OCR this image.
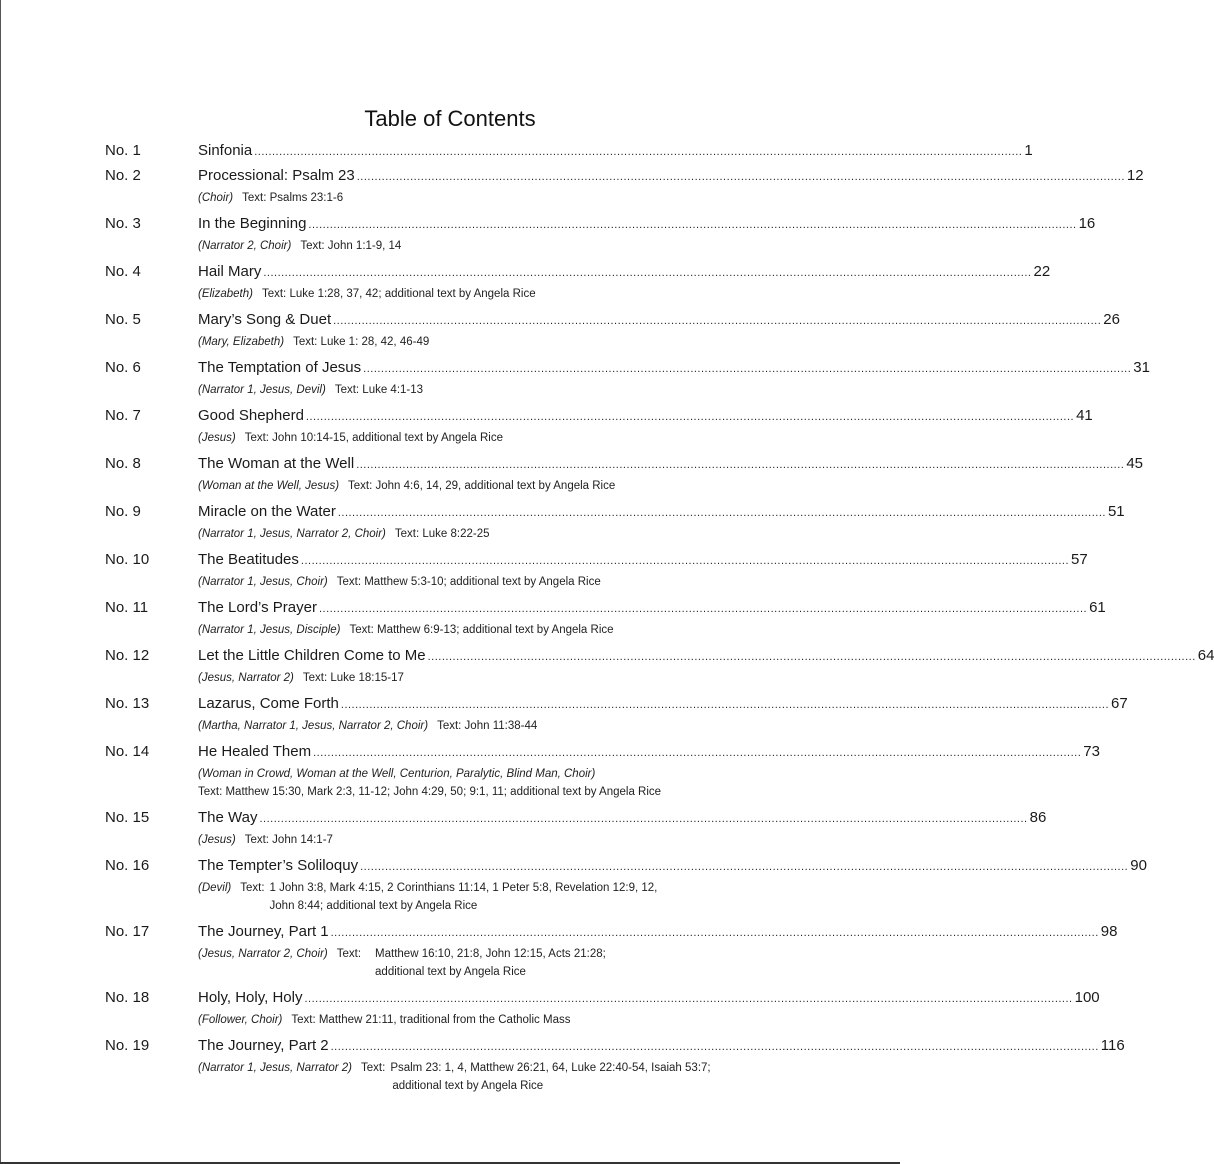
Table of Contents
No. 1	Sinfonia .....	1
No. 2	Processional: Psalm 23 .....	12
(Choir) Text: Psalms 23:1-6
No. 3	In the Beginning .....	16
(Narrator 2, Choir) Text: John 1:1-9, 14
No. 4	Hail Mary .....	22
(Elizabeth) Text: Luke 1:28, 37, 42; additional text by Angela Rice
No. 5	Mary’s Song & Duet .....	26
(Mary, Elizabeth) Text: Luke 1: 28, 42, 46-49
No. 6	The Temptation of Jesus .....	31
(Narrator 1, Jesus, Devil) Text: Luke 4:1-13
No. 7	Good Shepherd .....	41
(Jesus) Text: John 10:14-15, additional text by Angela Rice
No. 8	The Woman at the Well .....	45
(Woman at the Well, Jesus) Text: John 4:6, 14, 29, additional text by Angela Rice
No. 9	Miracle on the Water .....	51
(Narrator 1, Jesus, Narrator 2, Choir) Text: Luke 8:22-25
No. 10	The Beatitudes .....	57
(Narrator 1, Jesus, Choir) Text: Matthew 5:3-10; additional text by Angela Rice
No. 11	The Lord’s Prayer .....	61
(Narrator 1, Jesus, Disciple) Text: Matthew 6:9-13; additional text by Angela Rice
No. 12	Let the Little Children Come to Me .....	64
(Jesus, Narrator 2) Text: Luke 18:15-17
No. 13	Lazarus, Come Forth .....	67
(Martha, Narrator 1, Jesus, Narrator 2, Choir) Text: John 11:38-44
No. 14	He Healed Them .....	73
(Woman in Crowd, Woman at the Well, Centurion, Paralytic, Blind Man, Choir)
Text: Matthew 15:30, Mark 2:3, 11-12; John 4:29, 50; 9:1, 11; additional text by Angela Rice
No. 15	The Way .....	86
(Jesus) Text: John 14:1-7
No. 16	The Tempter’s Soliloquy .....	90
(Devil) Text: 1 John 3:8, Mark 4:15, 2 Corinthians 11:14, 1 Peter 5:8, Revelation 12:9, 12,
John 8:44; additional text by Angela Rice
No. 17	The Journey, Part 1 .....	98
(Jesus, Narrator 2, Choir) Text: Matthew 16:10, 21:8, John 12:15, Acts 21:28;
additional text by Angela Rice
No. 18	Holy, Holy, Holy .....	100
(Follower, Choir) Text: Matthew 21:11, traditional from the Catholic Mass
No. 19	The Journey, Part 2 .....	116
(Narrator 1, Jesus, Narrator 2) Text: Psalm 23: 1, 4, Matthew 26:21, 64, Luke 22:40-54, Isaiah 53:7;
additional text by Angela Rice
